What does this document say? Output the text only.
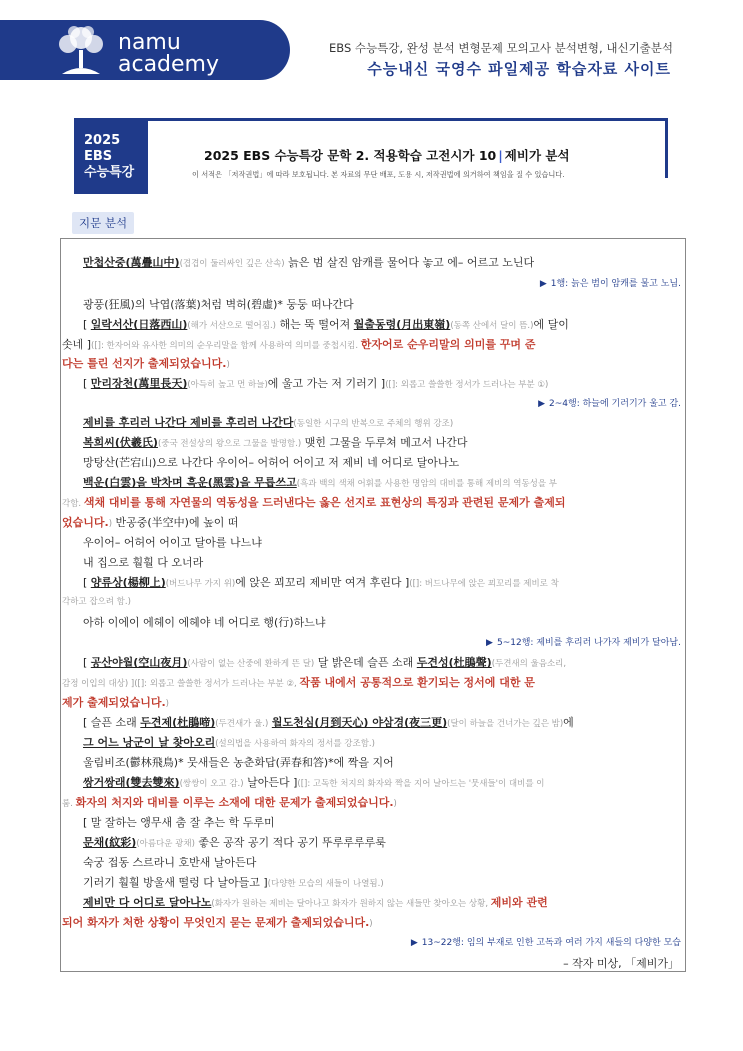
namu
academy
EBS 수능특강, 완성 분석 변형문제 모의고사 분석변형, 내신기출분석
수능내신 국영수 파일제공 학습자료 사이트
2025
EBS
수능특강
2025 EBS 수능특강 문학 2. 적용학습 고전시가 10 | 제비가 분석
이 서적은 「저작권법」에 따라 보호됩니다. 본 자료의 무단 배포, 도용 시, 저작권법에 의거하여 책임을 질 수 있습니다.
지문 분석
만첩산중(萬疊山中)(겹겹이 둘러싸인 깊은 산속) 늙은 범 살진 암캐를 물어다 놓고 에– 어르고 노닌다
▶ 1행: 늙은 범이 암캐를 물고 노님.
광풍(狂風)의 낙엽(落葉)처럼 벽허(碧虛)* 둥둥 떠나간다
[ 일락서산(日落西山)(해가 서산으로 떨어짐.) 해는 뚝 떨어져 월출동령(月出東嶺)(동쪽 산에서 달이 뜸.)에 달이
솟네 ]([]: 한자어와 유사한 의미의 순우리말을 함께 사용하여 의미를 중첩시킴. 한자어로 순우리말의 의미를 꾸며 준
다는 틀린 선지가 출제되었습니다.)
[ 만리장천(萬里長天)(아득히 높고 먼 하늘)에 울고 가는 저 기러기 ]([]: 외롭고 쓸쓸한 정서가 드러나는 부분 ①)
▶ 2~4행: 하늘에 기러기가 울고 감.
제비를 후리러 나간다 제비를 후리러 나간다(동일한 시구의 반복으로 주체의 행위 강조)
복희씨(伏羲氏)(중국 전설상의 왕으로 그물을 발명함.) 맺힌 그물을 두루쳐 메고서 나간다
망탕산(芒宕山)으로 나간다 우이어– 어허어 어이고 저 제비 네 어디로 달아나노
백운(白雲)을 박차며 흑운(黑雲)을 무릅쓰고(흑과 백의 색채 어휘를 사용한 명암의 대비를 통해 제비의 역동성을 부
각함. 색채 대비를 통해 자연물의 역동성을 드러낸다는 옳은 선지로 표현상의 특징과 관련된 문제가 출제되
었습니다.) 반공중(半空中)에 높이 떠
우이어– 어허어 어이고 달아를 나느냐
내 집으로 훨훨 다 오너라
[ 양류상(楊柳上)(버드나무 가지 위)에 앉은 꾀꼬리 제비만 여겨 후린다 ]([]: 버드나무에 앉은 꾀꼬리를 제비로 착
각하고 잡으려 함.)
아하 이에이 에헤이 에헤야 네 어디로 행(行)하느냐
▶ 5~12행: 제비를 후리러 나가자 제비가 달아남.
[ 공산야월(空山夜月)(사람이 없는 산중에 환하게 뜬 달) 달 밝은데 슬픈 소래 두견성(杜鵑聲)(두견새의 울음소리,
감정 이입의 대상) ]([]: 외롭고 쓸쓸한 정서가 드러나는 부분 ②, 작품 내에서 공통적으로 환기되는 정서에 대한 문
제가 출제되었습니다.)
[ 슬픈 소래 두견제(杜鵑啼)(두견새가 울.) 월도천심(月到天心) 야삼경(夜三更)(달이 하늘을 건너가는 깊은 밤)에
그 어느 낭군이 날 찾아오리(설의법을 사용하여 화자의 정서를 강조함.)
울림비조(鬱林飛鳥)* 뭇새들은 농춘화답(弄春和答)*에 짝을 지어
쌍거쌍래(雙去雙來)(쌍쌍이 오고 감.) 날아든다 ]([]: 고독한 처지의 화자와 짝을 지어 날아드는 '뭇새들'이 대비를 이
룸. 화자의 처지와 대비를 이루는 소재에 대한 문제가 출제되었습니다.)
[ 말 잘하는 앵무새 춤 잘 추는 학 두루미
문채(紋彩)(아름다운 광채) 좋은 공작 공기 적다 공기 뚜루루루루룩
숙궁 접동 스르라니 호반새 날아든다
기러기 훨훨 방울새 떨렁 다 날아들고 ](다양한 모습의 새들이 나열됨.)
제비만 다 어디로 달아나노(화자가 원하는 제비는 달아나고 화자가 원하지 않는 새들만 찾아오는 상황, 제비와 관련
되어 화자가 처한 상황이 무엇인지 묻는 문제가 출제되었습니다.)
▶ 13~22행: 임의 부재로 인한 고독과 여러 가지 새들의 다양한 모습
– 작자 미상, 「제비가」
